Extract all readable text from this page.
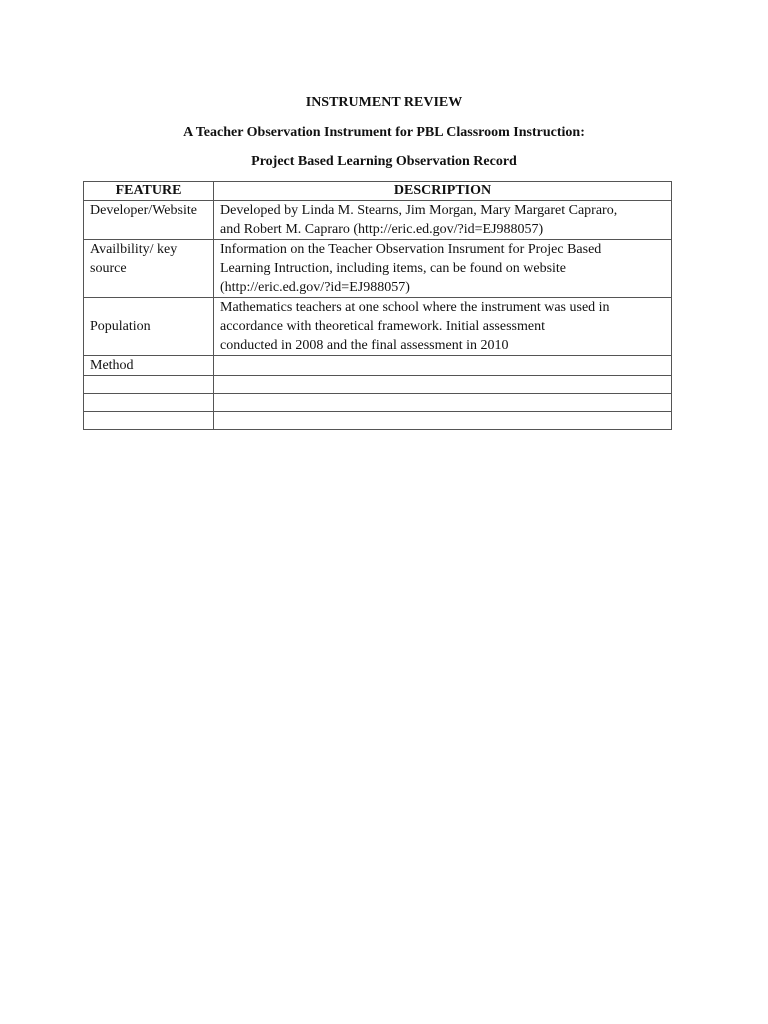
INSTRUMENT REVIEW
A Teacher Observation Instrument for PBL Classroom Instruction:
Project Based Learning Observation Record
FEATURE	DESCRIPTION

Developer/Website	Developed by Linda M. Stearns, Jim Morgan, Mary Margaret Capraro,
and Robert M. Capraro (http://eric.ed.gov/?id=EJ988057)

Availbility/ key
source	Information on the Teacher Observation Insrument for Projec Based
Learning Intruction, including items, can be found on website
(http://eric.ed.gov/?id=EJ988057)

Population	Mathematics teachers at one school where the instrument was used in
accordance with theoretical framework. Initial assessment
conducted in 2008 and the final assessment in 2010

Method	
